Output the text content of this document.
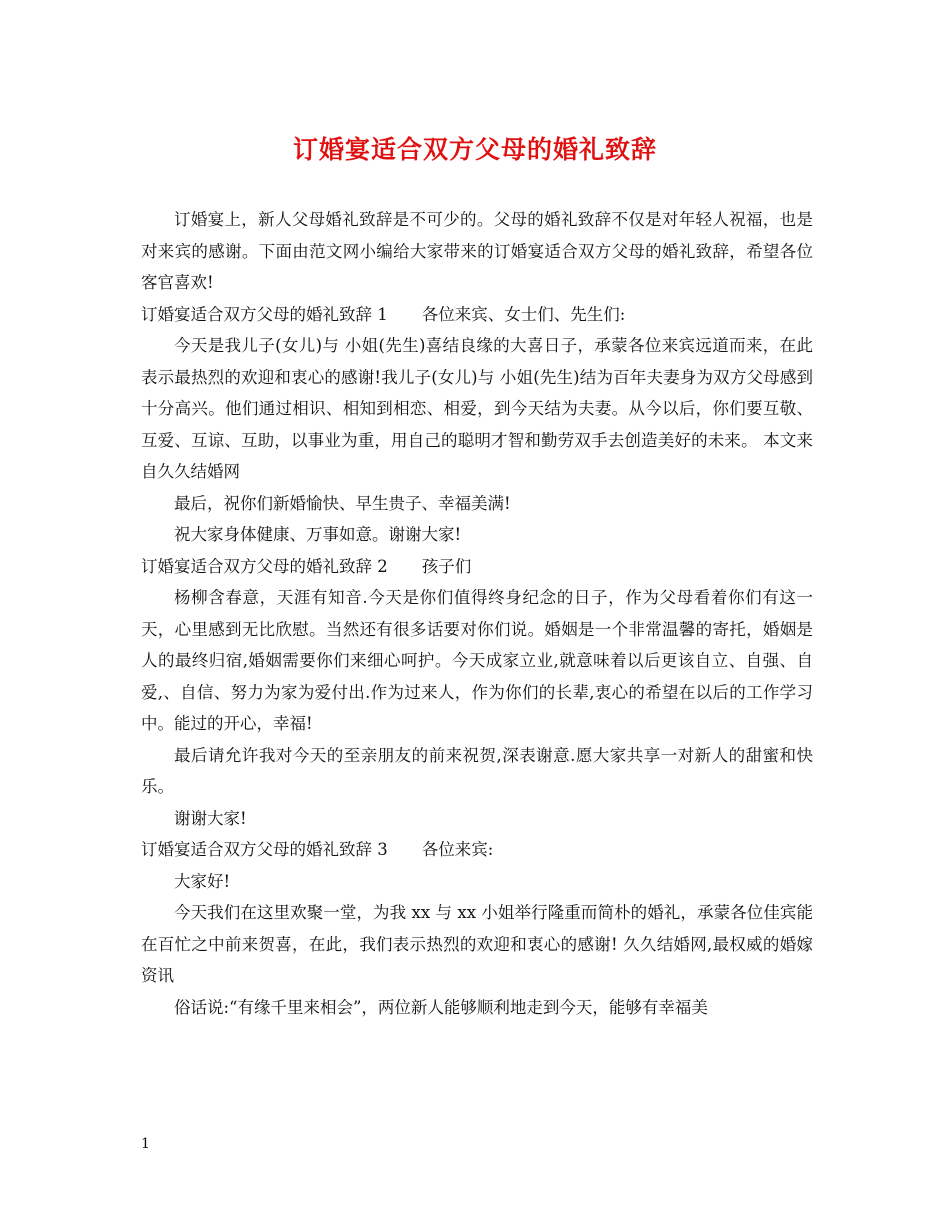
订婚宴适合双方父母的婚礼致辞

订婚宴上，新人父母婚礼致辞是不可少的。父母的婚礼致辞不仅是对年轻人祝福，也是对来宾的感谢。下面由范文网小编给大家带来的订婚宴适合双方父母的婚礼致辞，希望各位客官喜欢!

订婚宴适合双方父母的婚礼致辞 1 各位来宾、女士们、先生们:

今天是我儿子(女儿)与 小姐(先生)喜结良缘的大喜日子，承蒙各位来宾远道而来，在此表示最热烈的欢迎和衷心的感谢!我儿子(女儿)与 小姐(先生)结为百年夫妻身为双方父母感到十分高兴。他们通过相识、相知到相恋、相爱，到今天结为夫妻。从今以后，你们要互敬、互爱、互谅、互助，以事业为重，用自己的聪明才智和勤劳双手去创造美好的未来。 本文来自久久结婚网

最后，祝你们新婚愉快、早生贵子、幸福美满!

祝大家身体健康、万事如意。谢谢大家!

订婚宴适合双方父母的婚礼致辞 2 孩子们

杨柳含春意，天涯有知音.今天是你们值得终身纪念的日子，作为父母看着你们有这一天，心里感到无比欣慰。当然还有很多话要对你们说。婚姻是一个非常温馨的寄托，婚姻是人的最终归宿,婚姻需要你们来细心呵护。今天成家立业,就意味着以后更该自立、自强、自爱,、自信、努力为家为爱付出.作为过来人，作为你们的长辈,衷心的希望在以后的工作学习中。能过的开心，幸福!

最后请允许我对今天的至亲朋友的前来祝贺,深表谢意.愿大家共享一对新人的甜蜜和快乐。

谢谢大家!

订婚宴适合双方父母的婚礼致辞 3 各位来宾:

大家好!

今天我们在这里欢聚一堂，为我 xx 与 xx 小姐举行隆重而简朴的婚礼，承蒙各位佳宾能在百忙之中前来贺喜，在此，我们表示热烈的欢迎和衷心的感谢! 久久结婚网,最权威的婚嫁资讯

俗话说:“有缘千里来相会”，两位新人能够顺利地走到今天，能够有幸福美

1
